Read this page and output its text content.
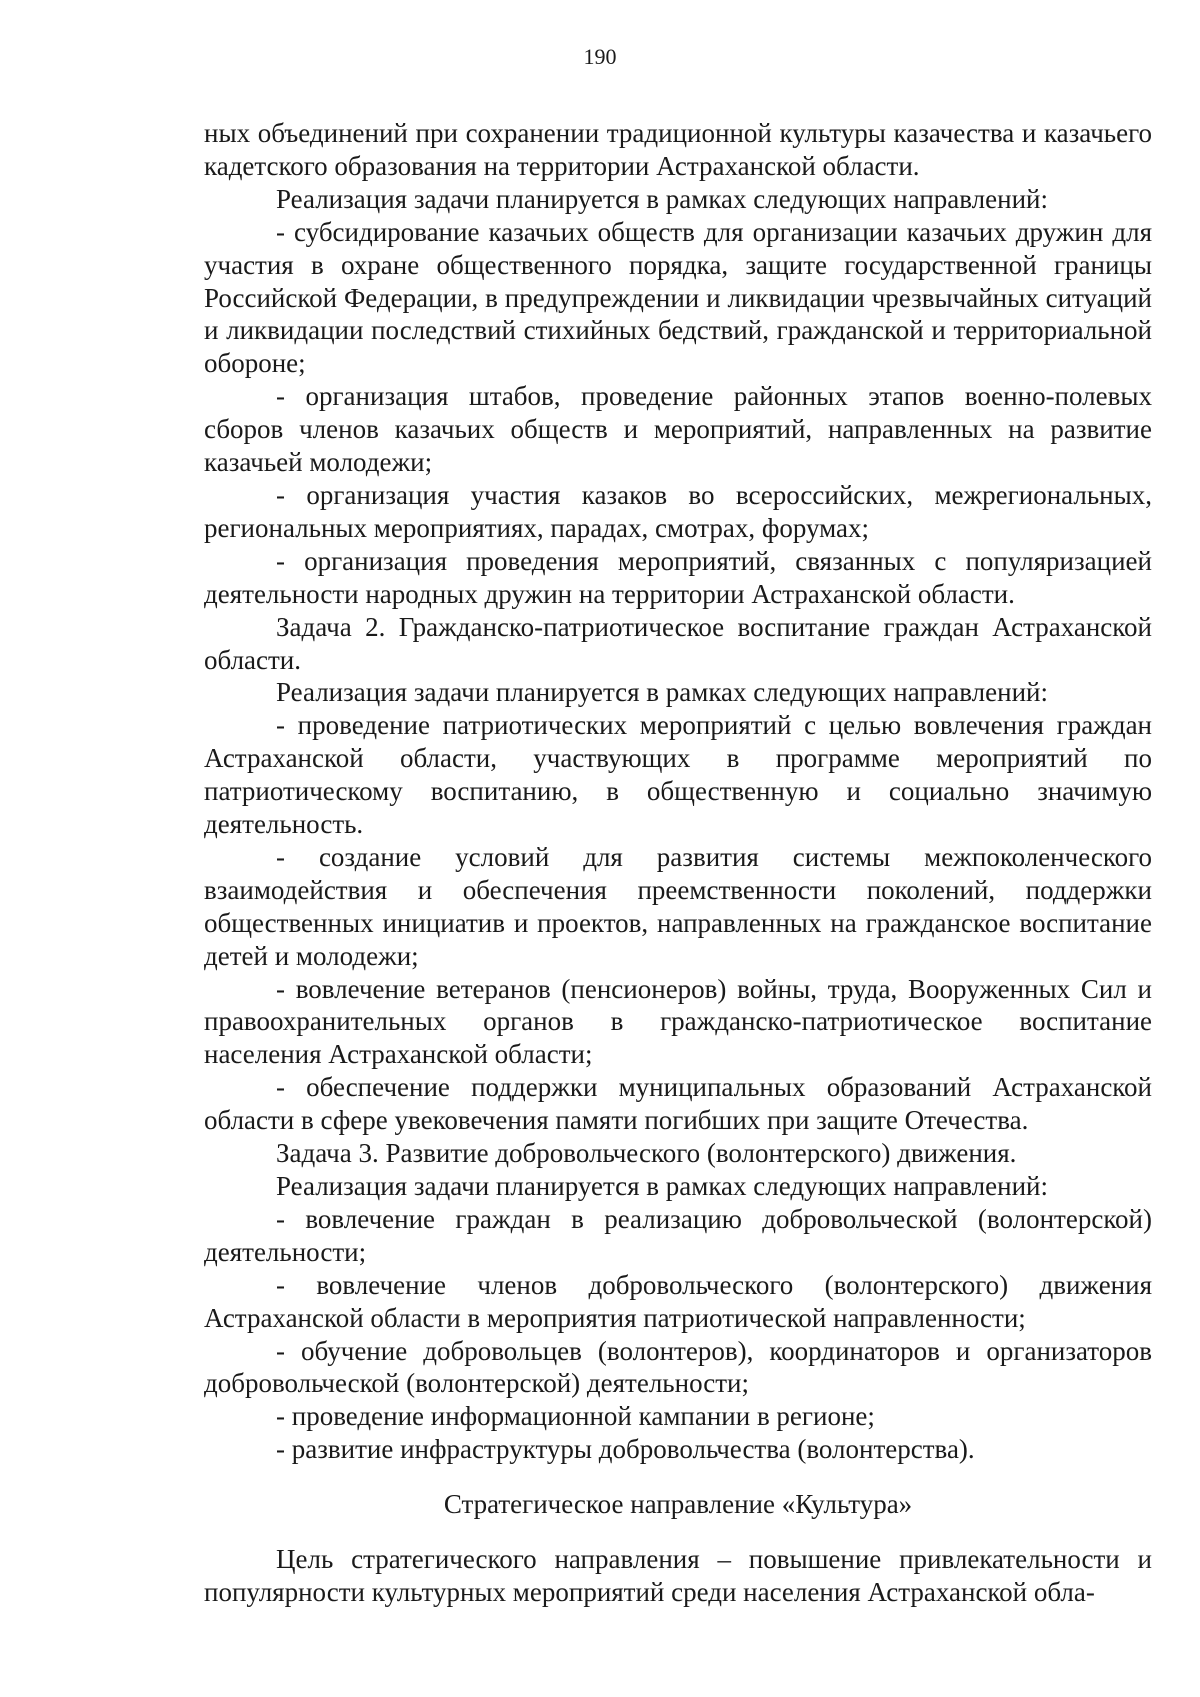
190

ных объединений при сохранении традиционной культуры казачества и казачьего кадетского образования на территории Астраханской области.

Реализация задачи планируется в рамках следующих направлений:

- субсидирование казачьих обществ для организации казачьих дружин для участия в охране общественного порядка, защите государственной границы Российской Федерации, в предупреждении и ликвидации чрезвычайных ситуаций и ликвидации последствий стихийных бедствий, гражданской и территориальной обороне;

- организация штабов, проведение районных этапов военно-полевых сборов членов казачьих обществ и мероприятий, направленных на развитие казачьей молодежи;

- организация участия казаков во всероссийских, межрегиональных, региональных мероприятиях, парадах, смотрах, форумах;

- организация проведения мероприятий, связанных с популяризацией деятельности народных дружин на территории Астраханской области.

Задача 2. Гражданско-патриотическое воспитание граждан Астраханской области.

Реализация задачи планируется в рамках следующих направлений:

- проведение патриотических мероприятий с целью вовлечения граждан Астраханской области, участвующих в программе мероприятий по патриотическому воспитанию, в общественную и социально значимую деятельность.

- создание условий для развития системы межпоколенческого взаимодействия и обеспечения преемственности поколений, поддержки общественных инициатив и проектов, направленных на гражданское воспитание детей и молодежи;

- вовлечение ветеранов (пенсионеров) войны, труда, Вооруженных Сил и правоохранительных органов в гражданско-патриотическое воспитание населения Астраханской области;

- обеспечение поддержки муниципальных образований Астраханской области в сфере увековечения памяти погибших при защите Отечества.

Задача 3. Развитие добровольческого (волонтерского) движения.

Реализация задачи планируется в рамках следующих направлений:

- вовлечение граждан в реализацию добровольческой (волонтерской) деятельности;

- вовлечение членов добровольческого (волонтерского) движения Астраханской области в мероприятия патриотической направленности;

- обучение добровольцев (волонтеров), координаторов и организаторов добровольческой (волонтерской) деятельности;

- проведение информационной кампании в регионе;

- развитие инфраструктуры добровольчества (волонтерства).

Стратегическое направление «Культура»

Цель стратегического направления – повышение привлекательности и популярности культурных мероприятий среди населения Астраханской обла-
